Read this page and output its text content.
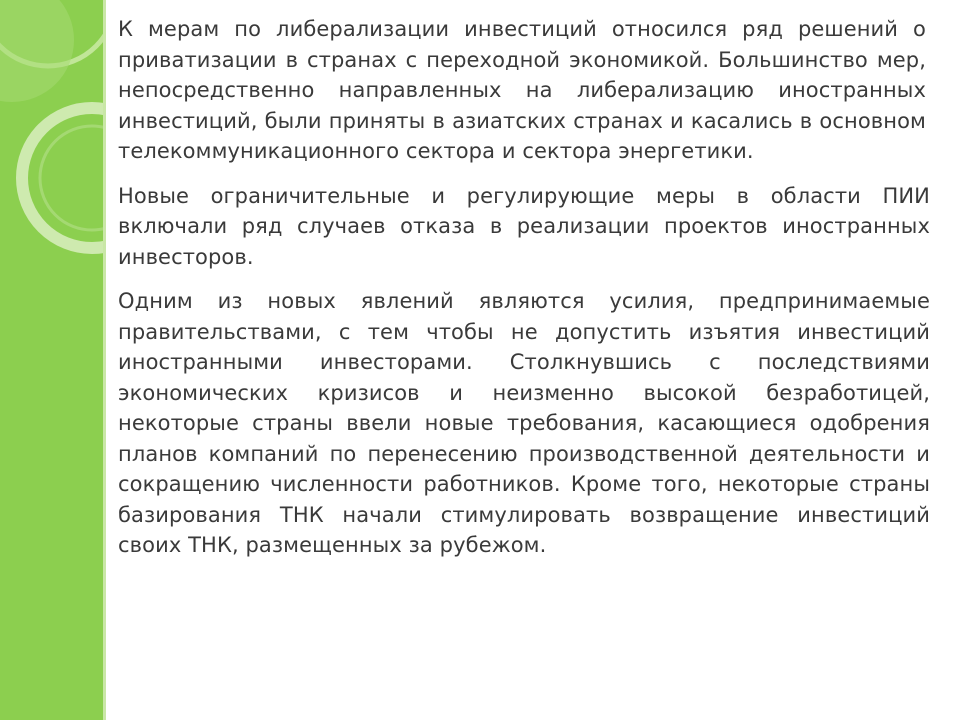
К мерам по либерализации инвестиций относился ряд решений о приватизации в странах с переходной экономикой. Большинство мер, непосредственно направленных на либерализацию иностранных инвестиций, были приняты в азиатских странах и касались в основном телекоммуникационного сектора и сектора энергетики.

Новые ограничительные и регулирующие меры в области ПИИ включали ряд случаев отказа в реализации проектов иностранных инвесторов.

Одним из новых явлений являются усилия, предпринимаемые правительствами, с тем чтобы не допустить изъятия инвестиций иностранными инвесторами. Столкнувшись с последствиями экономических кризисов и неизменно высокой безработицей, некоторые страны ввели новые требования, касающиеся одобрения планов компаний по перенесению производственной деятельности и сокращению численности работников. Кроме того, некоторые страны базирования ТНК начали стимулировать возвращение инвестиций своих ТНК, размещенных за рубежом.
